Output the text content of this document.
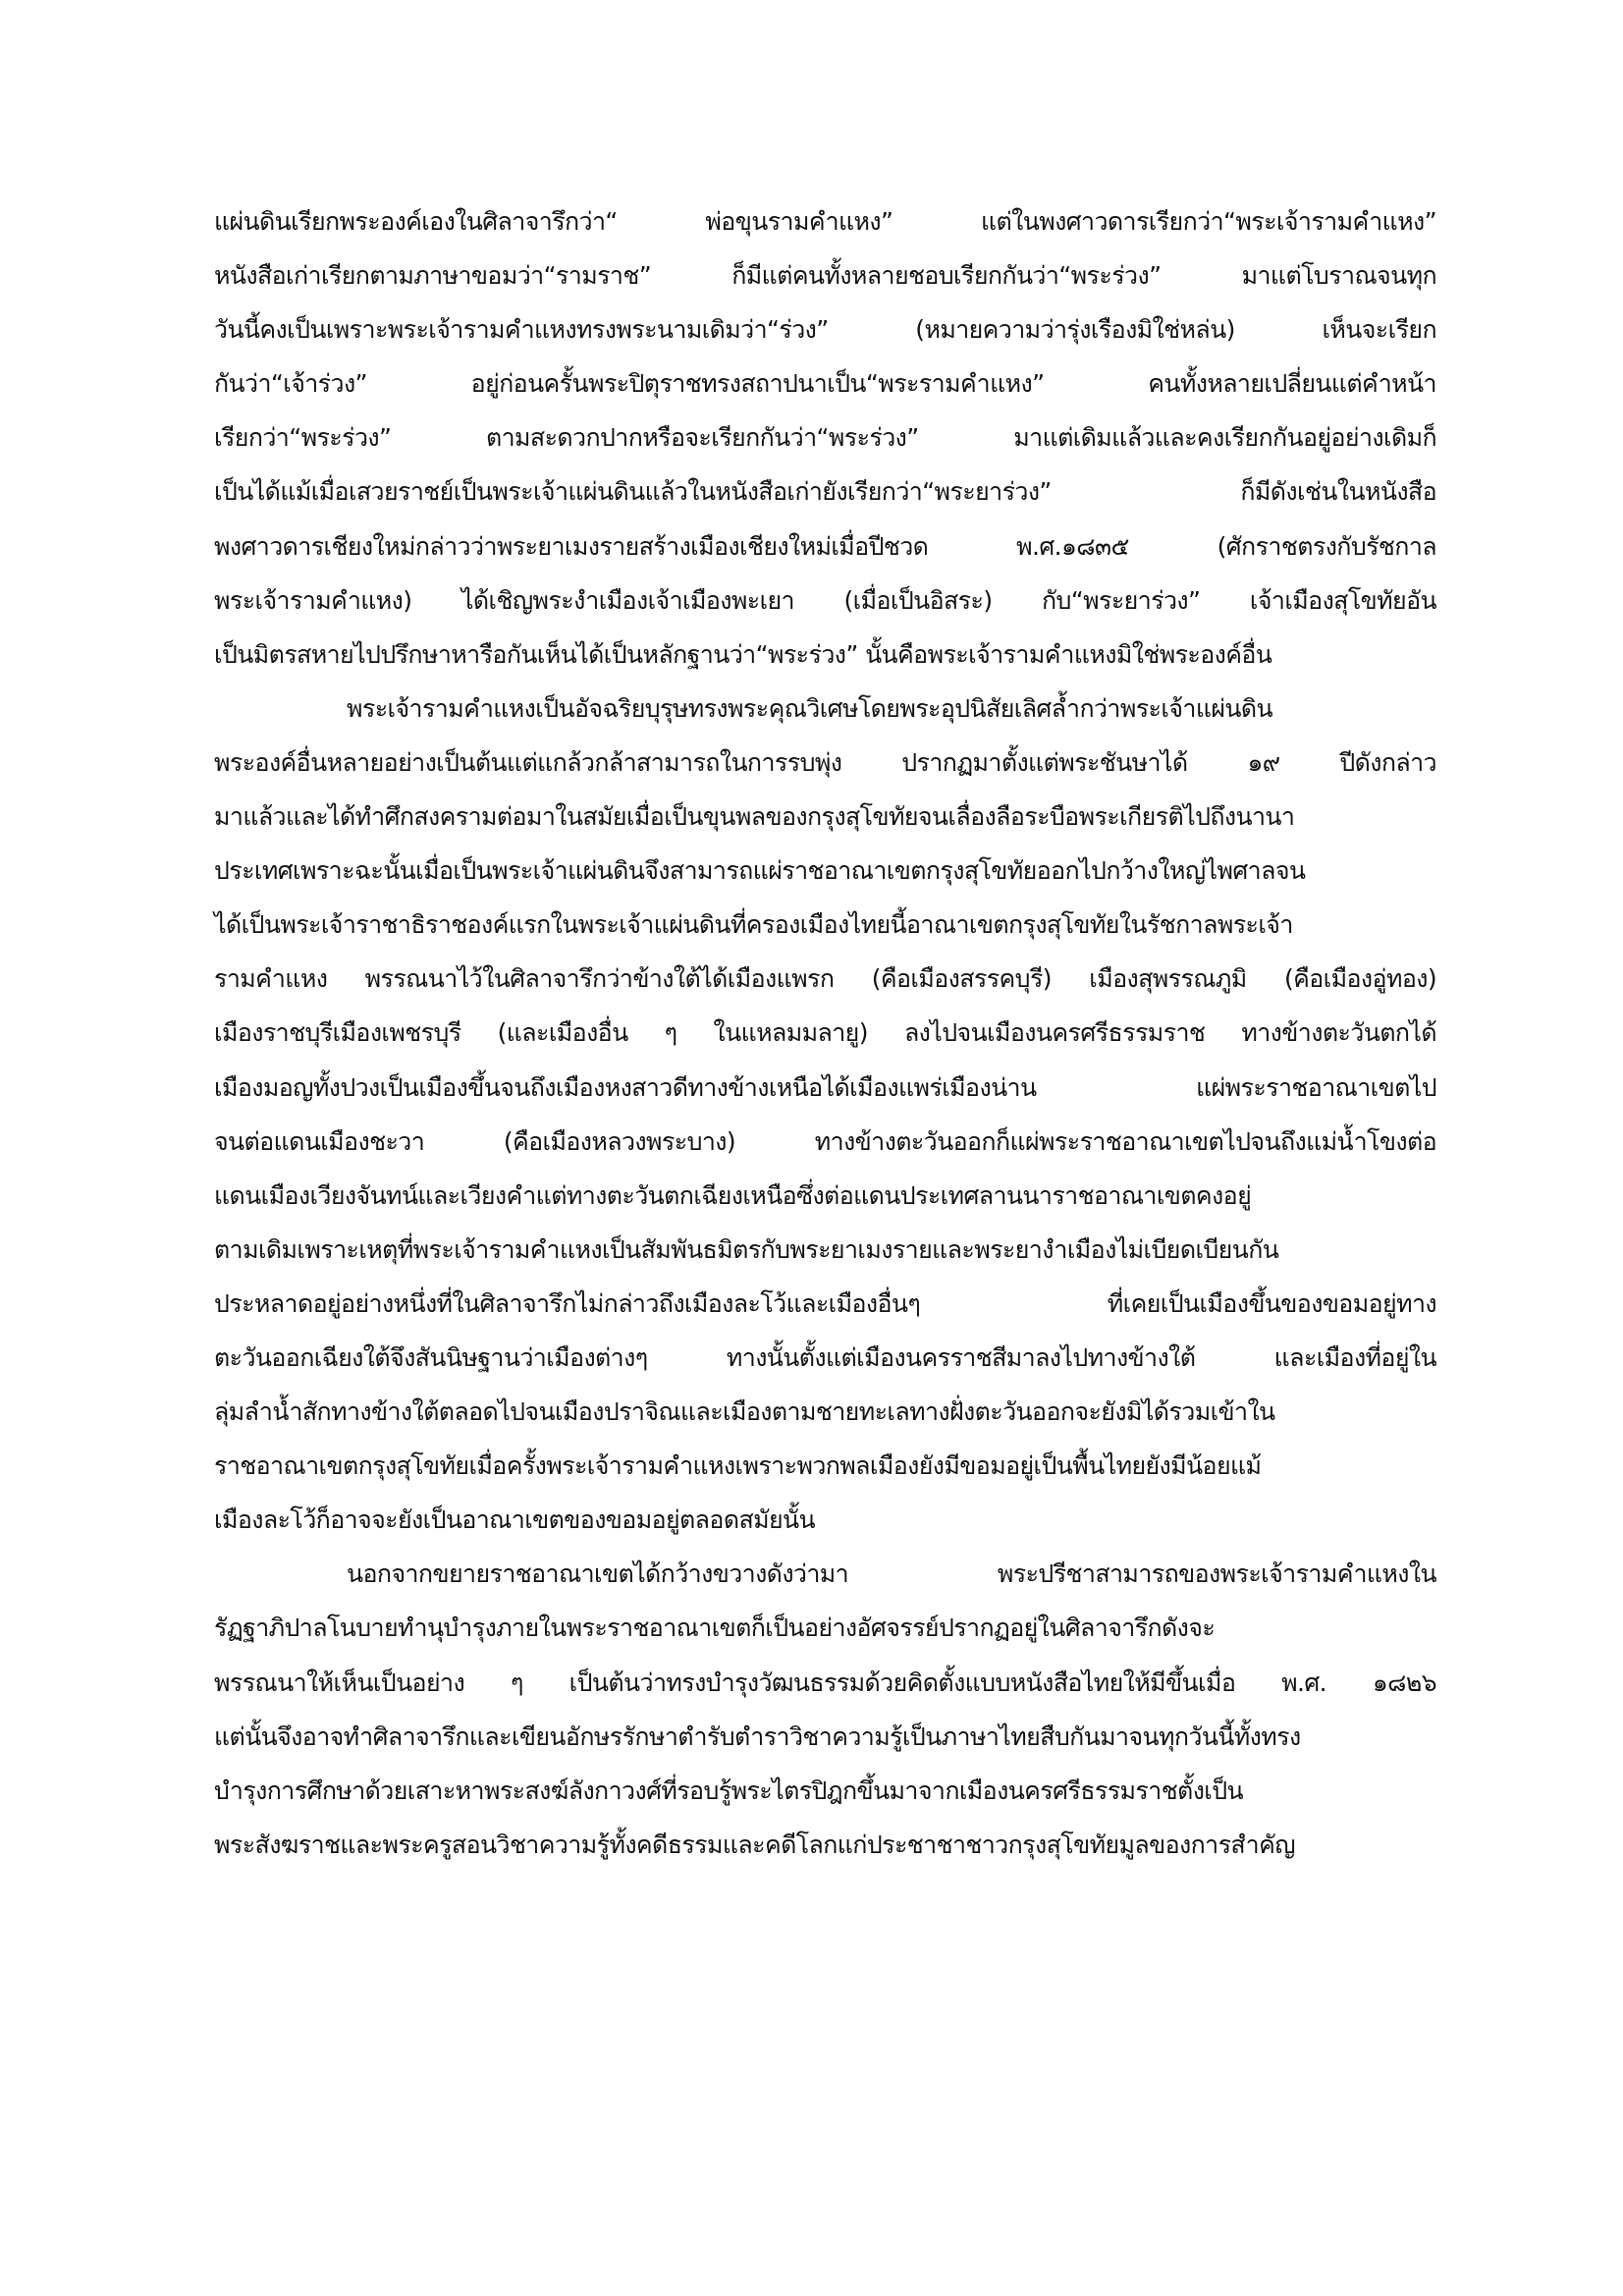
แผ่นดินเรียกพระองค์เองในศิลาจารึกว่า“ พ่อขุนรามคำแหง” แต่ในพงศาวดารเรียกว่า“พระเจ้ารามคำแหง”
หนังสือเก่าเรียกตามภาษาขอมว่า“รามราช” ก็มีแต่คนทั้งหลายชอบเรียกกันว่า“พระร่วง” มาแต่โบราณจนทุก
วันนี้คงเป็นเพราะพระเจ้ารามคำแหงทรงพระนามเดิมว่า“ร่วง” (หมายความว่ารุ่งเรืองมิใช่หล่น) เห็นจะเรียก
กันว่า“เจ้าร่วง” อยู่ก่อนครั้นพระปิตุราชทรงสถาปนาเป็น“พระรามคำแหง” คนทั้งหลายเปลี่ยนแต่คำหน้า
เรียกว่า“พระร่วง” ตามสะดวกปากหรือจะเรียกกันว่า“พระร่วง” มาแต่เดิมแล้วและคงเรียกกันอยู่อย่างเดิมก็
เป็นได้แม้เมื่อเสวยราชย์เป็นพระเจ้าแผ่นดินแล้วในหนังสือเก่ายังเรียกว่า“พระยาร่วง” ก็มีดังเช่นในหนังสือ
พงศาวดารเชียงใหม่กล่าวว่าพระยาเมงรายสร้างเมืองเชียงใหม่เมื่อปีชวด พ.ศ.๑๘๓๕ (ศักราชตรงกับรัชกาล
พระเจ้ารามคำแหง) ได้เชิญพระงำเมืองเจ้าเมืองพะเยา (เมื่อเป็นอิสระ) กับ“พระยาร่วง” เจ้าเมืองสุโขทัยอัน
เป็นมิตรสหายไปปรึกษาหารือกันเห็นได้เป็นหลักฐานว่า“พระร่วง” นั้นคือพระเจ้ารามคำแหงมิใช่พระองค์อื่น
พระเจ้ารามคำแหงเป็นอัจฉริยบุรุษทรงพระคุณวิเศษโดยพระอุปนิสัยเลิศล้ำกว่าพระเจ้าแผ่นดิน
พระองค์อื่นหลายอย่างเป็นต้นแต่แกล้วกล้าสามารถในการรบพุ่ง ปรากฏมาตั้งแต่พระชันษาได้ ๑๙ ปีดังกล่าว
มาแล้วและได้ทำศึกสงครามต่อมาในสมัยเมื่อเป็นขุนพลของกรุงสุโขทัยจนเลื่องลือระบือพระเกียรติไปถึงนานา
ประเทศเพราะฉะนั้นเมื่อเป็นพระเจ้าแผ่นดินจึงสามารถแผ่ราชอาณาเขตกรุงสุโขทัยออกไปกว้างใหญ่ไพศาลจน
ได้เป็นพระเจ้าราชาธิราชองค์แรกในพระเจ้าแผ่นดินที่ครองเมืองไทยนี้อาณาเขตกรุงสุโขทัยในรัชกาลพระเจ้า
รามคำแหง พรรณนาไว้ในศิลาจารึกว่าข้างใต้ได้เมืองแพรก (คือเมืองสรรคบุรี) เมืองสุพรรณภูมิ (คือเมืองอู่ทอง)
เมืองราชบุรีเมืองเพชรบุรี (และเมืองอื่น ๆ ในแหลมมลายู) ลงไปจนเมืองนครศรีธรรมราช ทางข้างตะวันตกได้
เมืองมอญทั้งปวงเป็นเมืองขึ้นจนถึงเมืองหงสาวดีทางข้างเหนือได้เมืองแพร่เมืองน่าน แผ่พระราชอาณาเขตไป
จนต่อแดนเมืองชะวา (คือเมืองหลวงพระบาง) ทางข้างตะวันออกก็แผ่พระราชอาณาเขตไปจนถึงแม่น้ำโขงต่อ
แดนเมืองเวียงจันทน์และเวียงคำแต่ทางตะวันตกเฉียงเหนือซึ่งต่อแดนประเทศลานนาราชอาณาเขตคงอยู่
ตามเดิมเพราะเหตุที่พระเจ้ารามคำแหงเป็นสัมพันธมิตรกับพระยาเมงรายและพระยางำเมืองไม่เบียดเบียนกัน
ประหลาดอยู่อย่างหนึ่งที่ในศิลาจารึกไม่กล่าวถึงเมืองละโว้และเมืองอื่นๆ ที่เคยเป็นเมืองขึ้นของขอมอยู่ทาง
ตะวันออกเฉียงใต้จึงสันนิษฐานว่าเมืองต่างๆ ทางนั้นตั้งแต่เมืองนครราชสีมาลงไปทางข้างใต้ และเมืองที่อยู่ใน
ลุ่มลำน้ำสักทางข้างใต้ตลอดไปจนเมืองปราจิณและเมืองตามชายทะเลทางฝั่งตะวันออกจะยังมิได้รวมเข้าใน
ราชอาณาเขตกรุงสุโขทัยเมื่อครั้งพระเจ้ารามคำแหงเพราะพวกพลเมืองยังมีขอมอยู่เป็นพื้นไทยยังมีน้อยแม้
เมืองละโว้ก็อาจจะยังเป็นอาณาเขตของขอมอยู่ตลอดสมัยนั้น
นอกจากขยายราชอาณาเขตได้กว้างขวางดังว่ามา พระปรีชาสามารถของพระเจ้ารามคำแหงใน
รัฏฐาภิปาลโนบายทำนุบำรุงภายในพระราชอาณาเขตก็เป็นอย่างอัศจรรย์ปรากฏอยู่ในศิลาจารึกดังจะ
พรรณนาให้เห็นเป็นอย่าง ๆ เป็นต้นว่าทรงบำรุงวัฒนธรรมด้วยคิดตั้งแบบหนังสือไทยให้มีขึ้นเมื่อ พ.ศ. ๑๘๒๖
แต่นั้นจึงอาจทำศิลาจารึกและเขียนอักษรรักษาตำรับตำราวิชาความรู้เป็นภาษาไทยสืบกันมาจนทุกวันนี้ทั้งทรง
บำรุงการศึกษาด้วยเสาะหาพระสงฆ์ลังกาวงศ์ที่รอบรู้พระไตรปิฎกขึ้นมาจากเมืองนครศรีธรรมราชตั้งเป็น
พระสังฆราชและพระครูสอนวิชาความรู้ทั้งคดีธรรมและคดีโลกแก่ประชาชาชาวกรุงสุโขทัยมูลของการสำคัญ
